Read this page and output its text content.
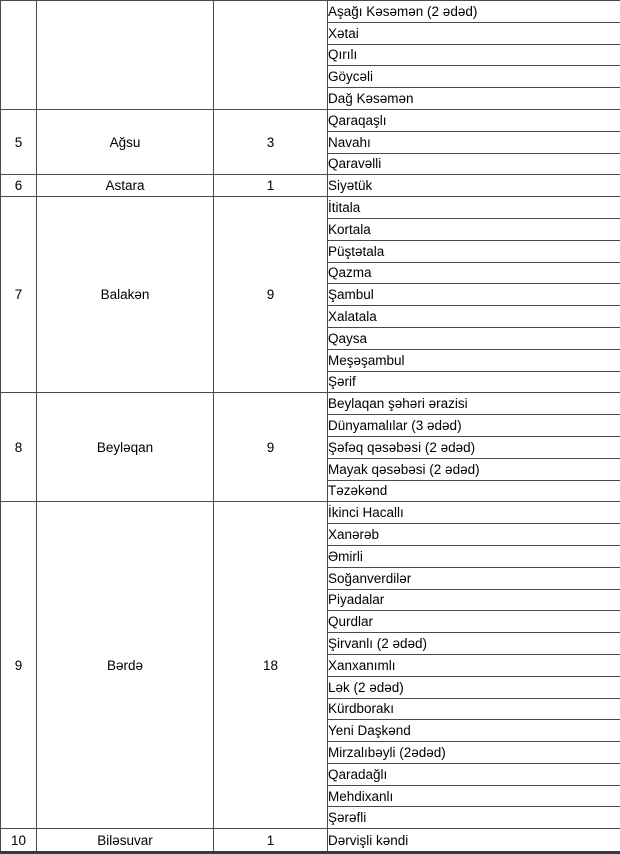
			Aşağı Kəsəmən (2 ədəd)
			Xətai
			Qırılı
			Göycəli
			Dağ Kəsəmən
5	Ağsu	3	Qaraqaşlı
			Navahı
			Qaravəlli
6	Astara	1	Siyətük
7	Balakən	9	İtitala
			Kortala
			Püştətala
			Qazma
			Şambul
			Xalatala
			Qaysa
			Meşəşambul
			Şərif
8	Beyləqan	9	Beylaqan şəhəri ərazisi
			Dünyamalılar (3 ədəd)
			Şəfəq qəsəbəsi (2 ədəd)
			Mayak qəsəbəsi (2 ədəd)
			Təzəkənd
9	Bərdə	18	İkinci Hacallı
			Xanərəb
			Əmirli
			Soğanverdilər
			Piyadalar
			Qurdlar
			Şirvanlı (2 ədəd)
			Xanxanımlı
			Lək (2 ədəd)
			Kürdborakı
			Yeni Daşkənd
			Mirzalıbəyli (2ədəd)
			Qaradağlı
			Mehdixanlı
			Şərəfli
10	Biləsuvar	1	Dərvişli kəndi
